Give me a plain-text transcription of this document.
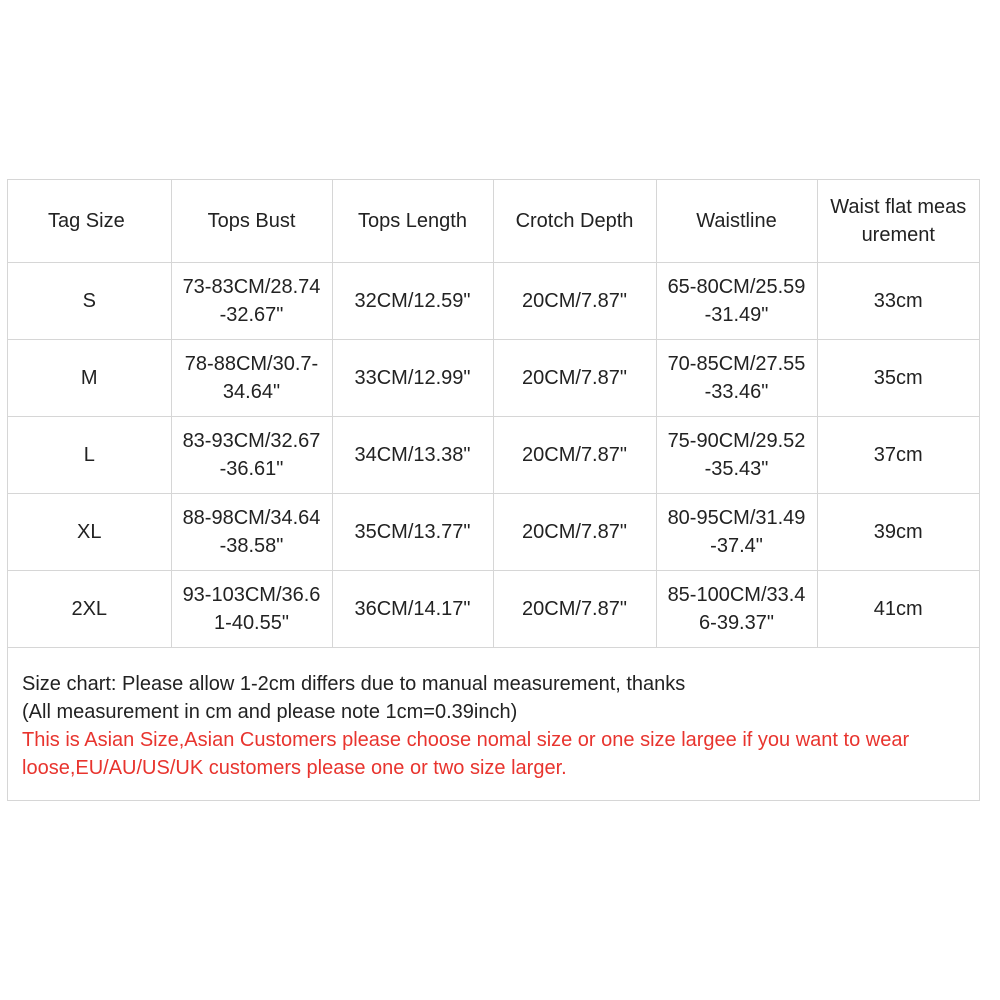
Tag Size	Tops Bust	Tops Length	Crotch Depth	Waistline	Waist flat measurement
S	73-83CM/28.74-32.67"	32CM/12.59"	20CM/7.87"	65-80CM/25.59-31.49"	33cm
M	78-88CM/30.7-34.64"	33CM/12.99"	20CM/7.87"	70-85CM/27.55-33.46"	35cm
L	83-93CM/32.67-36.61"	34CM/13.38"	20CM/7.87"	75-90CM/29.52-35.43"	37cm
XL	88-98CM/34.64-38.58"	35CM/13.77"	20CM/7.87"	80-95CM/31.49-37.4"	39cm
2XL	93-103CM/36.61-40.55"	36CM/14.17"	20CM/7.87"	85-100CM/33.46-39.37"	41cm
Size chart: Please allow 1-2cm differs due to manual measurement, thanks
(All measurement in cm and please note 1cm=0.39inch)
This is Asian Size,Asian Customers please choose nomal size or one size largee if you want to wear loose,EU/AU/US/UK customers please one or two size larger.
